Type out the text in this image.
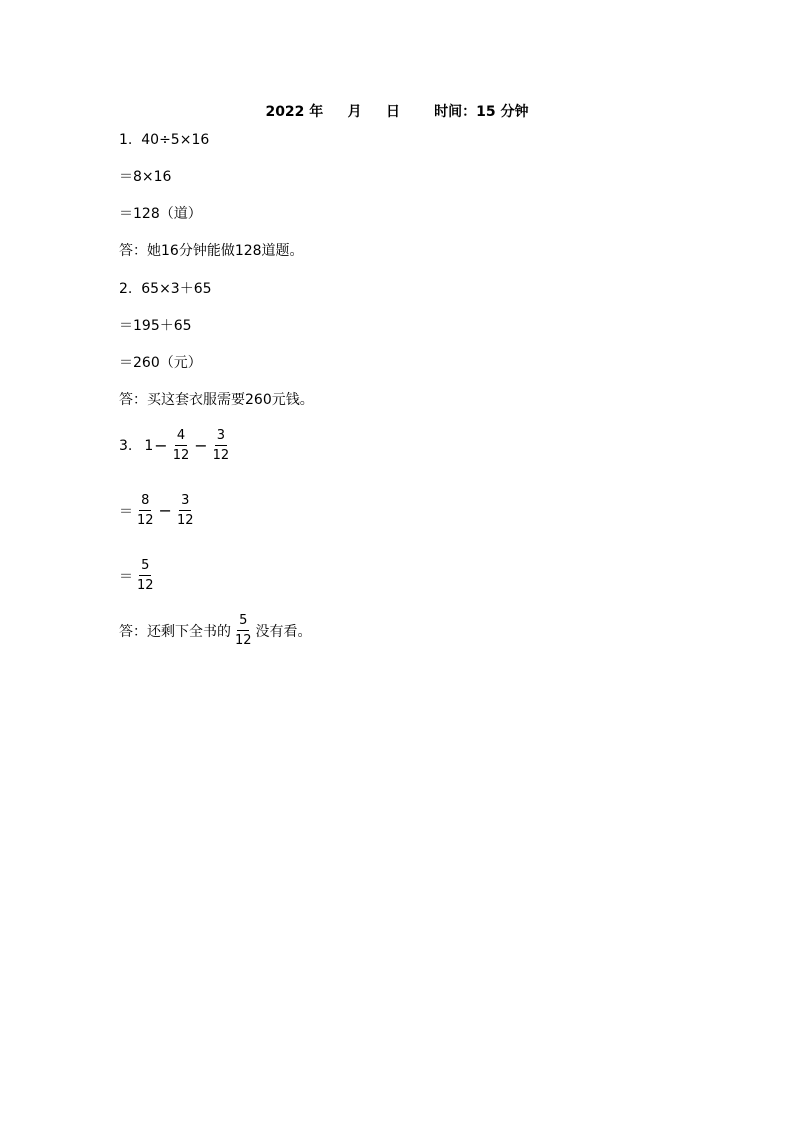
2022 年 月 日 时间：15 分钟
1. 40÷5×16
＝8×16
＝128（道）
答：她16分钟能做128道题。
2. 65×3＋65
＝195＋65
＝260（元）
答：买这套衣服需要260元钱。
3. $1 - \frac{4}{12} - \frac{3}{12}$
＝ $\frac{8}{12} - \frac{3}{12}$
＝ $\frac{5}{12}$
答：还剩下全书的 $\frac{5}{12}$ 没有看。
